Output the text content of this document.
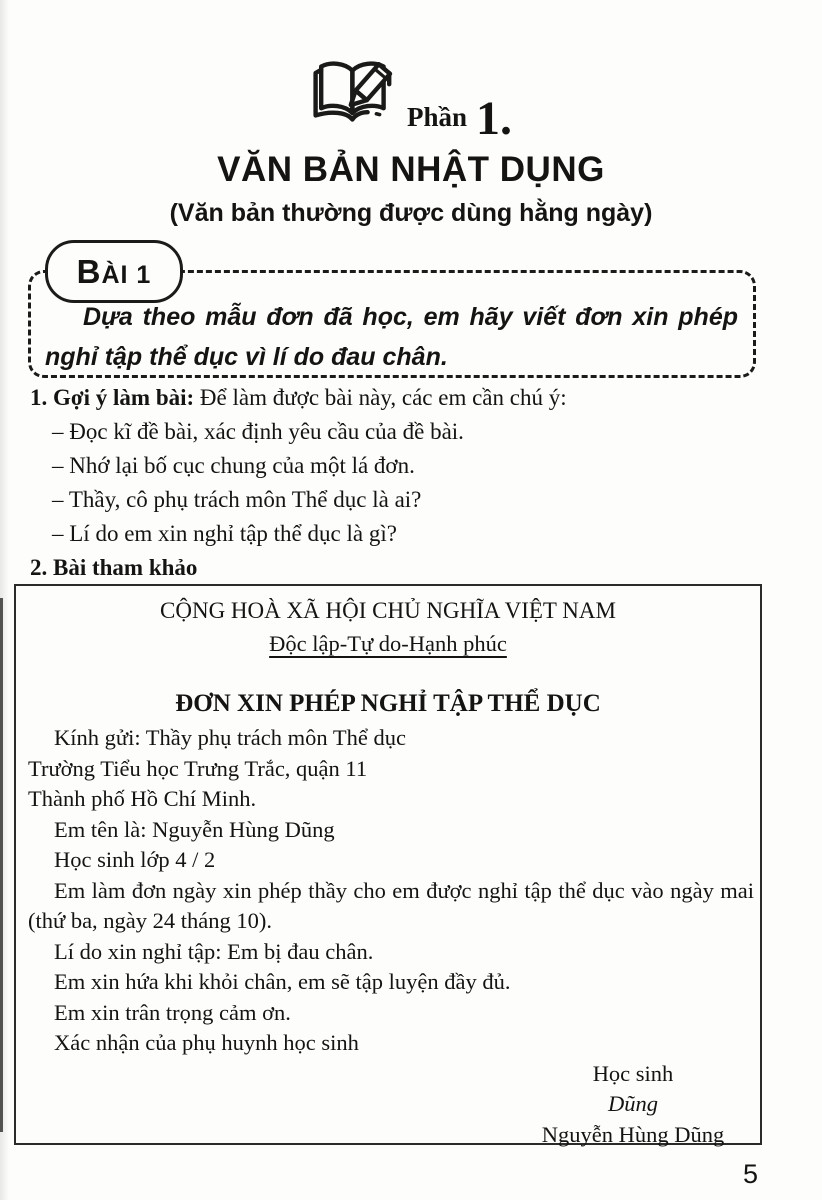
Phần 1.
VĂN BẢN NHẬT DỤNG
(Văn bản thường được dùng hằng ngày)

BÀI 1

Dựa theo mẫu đơn đã học, em hãy viết đơn xin phép nghỉ tập thể dục vì lí do đau chân.

1. Gợi ý làm bài: Để làm được bài này, các em cần chú ý:

– Đọc kĩ đề bài, xác định yêu cầu của đề bài.

– Nhớ lại bố cục chung của một lá đơn.

– Thầy, cô phụ trách môn Thể dục là ai?

– Lí do em xin nghỉ tập thể dục là gì?

2. Bài tham khảo

CỘNG HOÀ XÃ HỘI CHỦ NGHĨA VIỆT NAM

Độc lập-Tự do-Hạnh phúc

ĐƠN XIN PHÉP NGHỈ TẬP THỂ DỤC

Kính gửi: Thầy phụ trách môn Thể dục

Trường Tiểu học Trưng Trắc, quận 11

Thành phố Hồ Chí Minh.

Em tên là: Nguyễn Hùng Dũng

Học sinh lớp 4 / 2

Em làm đơn ngày xin phép thầy cho em được nghỉ tập thể dục vào ngày mai (thứ ba, ngày 24 tháng 10).

Lí do xin nghỉ tập: Em bị đau chân.

Em xin hứa khi khỏi chân, em sẽ tập luyện đầy đủ.

Em xin trân trọng cảm ơn.

Xác nhận của phụ huynh học sinh

Học sinh

Dũng

Nguyễn Hùng Dũng

5
